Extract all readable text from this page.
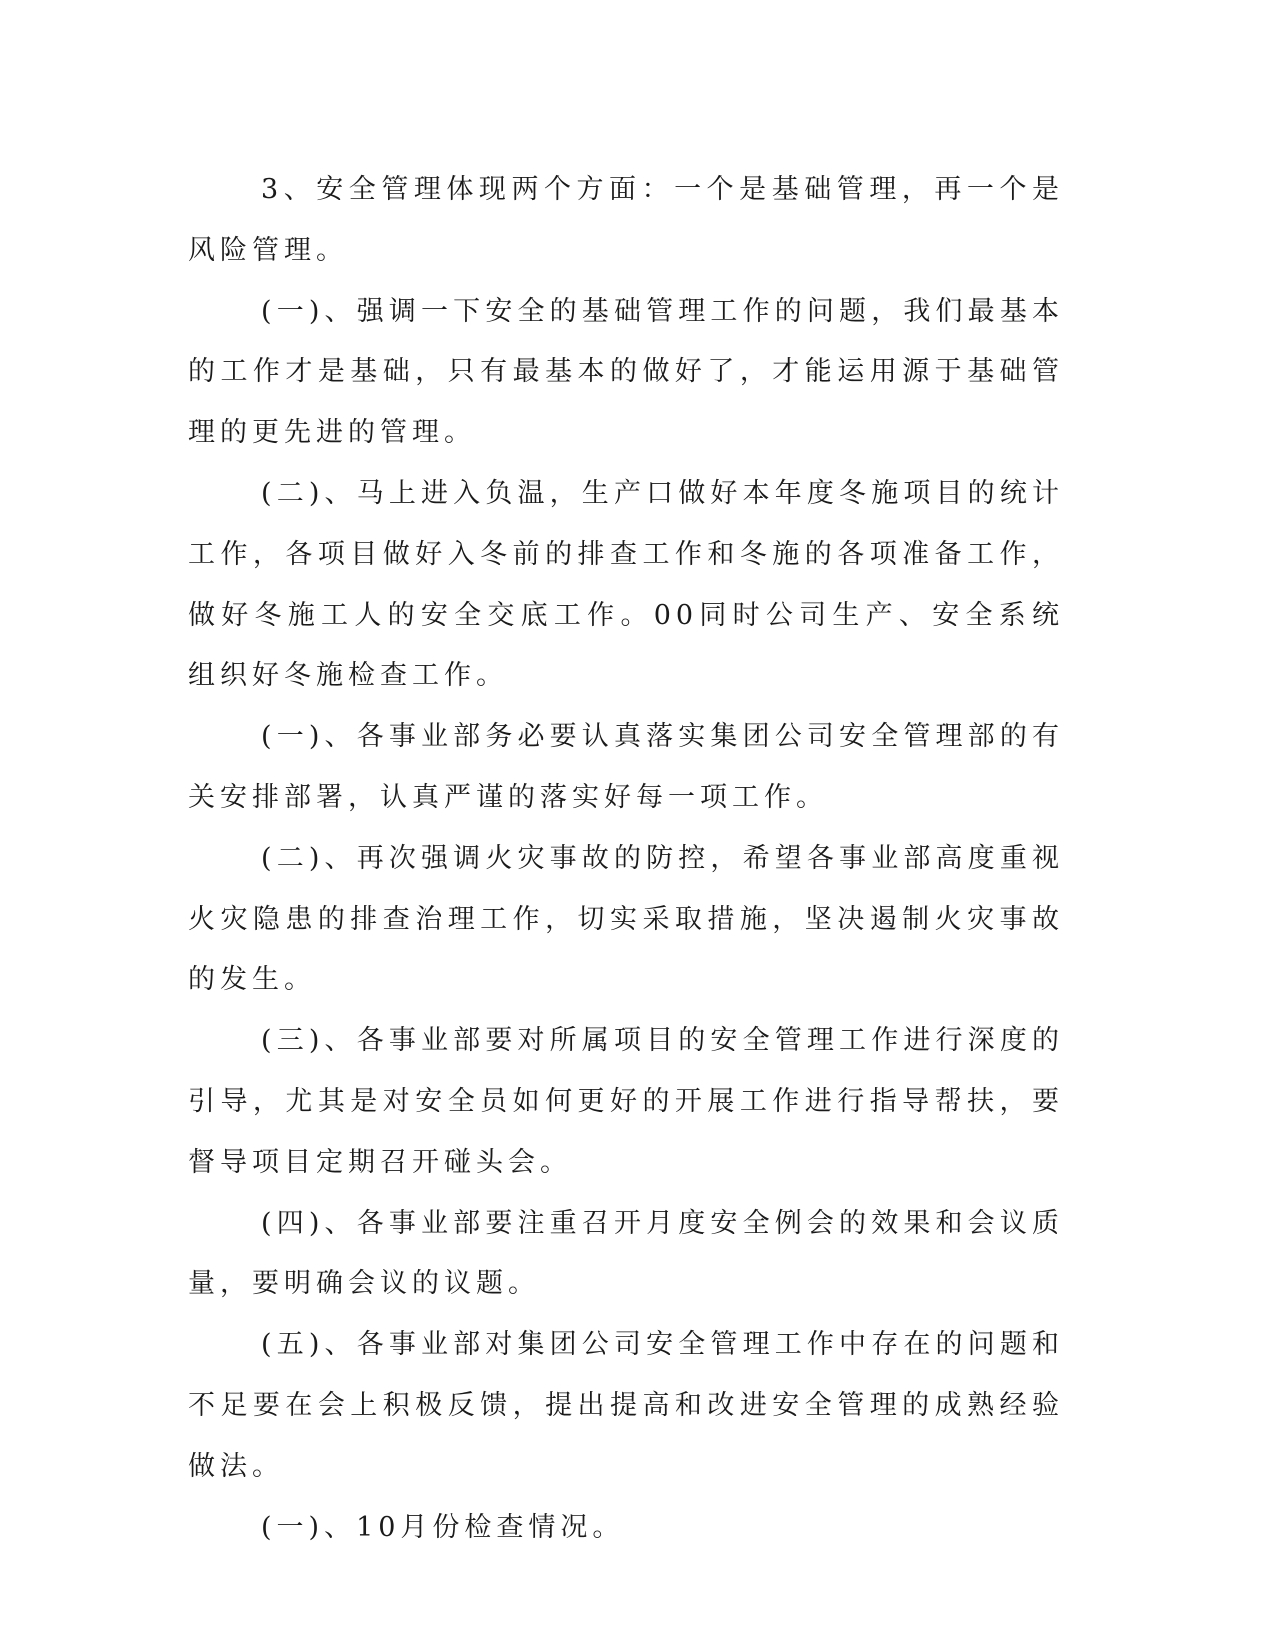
3、安全管理体现两个方面：一个是基础管理，再一个是风险管理。

(一)、强调一下安全的基础管理工作的问题，我们最基本的工作才是基础，只有最基本的做好了，才能运用源于基础管理的更先进的管理。

(二)、马上进入负温，生产口做好本年度冬施项目的统计工作，各项目做好入冬前的排查工作和冬施的各项准备工作，做好冬施工人的安全交底工作。00同时公司生产、安全系统组织好冬施检查工作。

(一)、各事业部务必要认真落实集团公司安全管理部的有关安排部署，认真严谨的落实好每一项工作。

(二)、再次强调火灾事故的防控，希望各事业部高度重视火灾隐患的排查治理工作，切实采取措施，坚决遏制火灾事故的发生。

(三)、各事业部要对所属项目的安全管理工作进行深度的引导，尤其是对安全员如何更好的开展工作进行指导帮扶，要督导项目定期召开碰头会。

(四)、各事业部要注重召开月度安全例会的效果和会议质量，要明确会议的议题。

(五)、各事业部对集团公司安全管理工作中存在的问题和不足要在会上积极反馈，提出提高和改进安全管理的成熟经验做法。

(一)、10月份检查情况。
